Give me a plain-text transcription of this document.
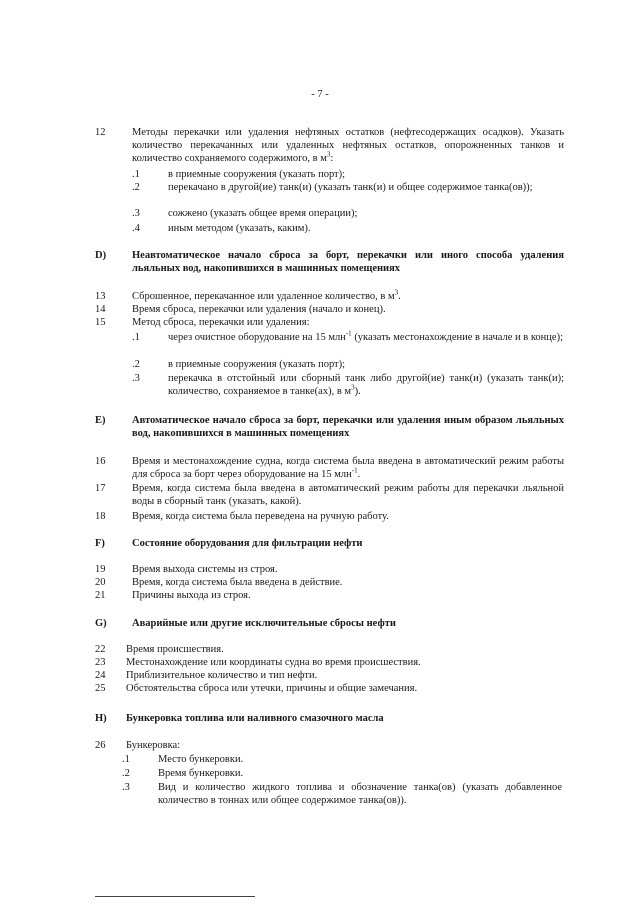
- 7 -
12	Методы перекачки или удаления нефтяных остатков (нефтесодержащих осадков). Указать количество перекачанных или удаленных нефтяных остатков, опорожненных танков и количество сохраняемого содержимого, в $м^3$:
.1	в приемные сооружения (указать порт);
.2	перекачано в другой(ие) танк(и) (указать танк(и) и общее содержимое танка(ов));
.3	сожжено (указать общее время операции);
.4	иным методом (указать, каким).
D) Неавтоматическое начало сброса за борт, перекачки или иного способа удаления льяльных вод, накопившихся в машинных помещениях
13	Сброшенное, перекачанное или удаленное количество, в $м^3$.
14	Время сброса, перекачки или удаления (начало и конец).
15	Метод сброса, перекачки или удаления:
.1	через очистное оборудование на 15 млн$^{-1}$ (указать местонахождение в начале и в конце);
.2	в приемные сооружения (указать порт);
.3	перекачка в отстойный или сборный танк либо другой(ие) танк(и) (указать танк(и); количество, сохраняемое в танке(ах), в $м^3$).
E)	Автоматическое начало сброса за борт, перекачки или удаления иным образом льяльных вод, накопившихся в машинных помещениях
16	Время и местонахождение судна, когда система была введена в автоматический режим работы для сброса за борт через оборудование на 15 млн$^{-1}$.
17	Время, когда система была введена в автоматический режим работы для перекачки льяльной воды в сборный танк (указать, какой).
18	Время, когда система была переведена на ручную работу.
F)	Состояние оборудования для фильтрации нефти
19	Время выхода системы из строя.
20	Время, когда система была введена в действие.
21	Причины выхода из строя.
G) Аварийные или другие исключительные сбросы нефти
22	Время происшествия.
23	Местонахождение или координаты судна во время происшествия.
24	Приблизительное количество и тип нефти.
25	Обстоятельства сброса или утечки, причины и общие замечания.
H) Бункеровка топлива или наливного смазочного масла
26	Бункеровка:
.1	Место бункеровки.
.2	Время бункеровки.
.3	Вид и количество жидкого топлива и обозначение танка(ов) (указать добавленное количество в тоннах или общее содержимое танка(ов)).
